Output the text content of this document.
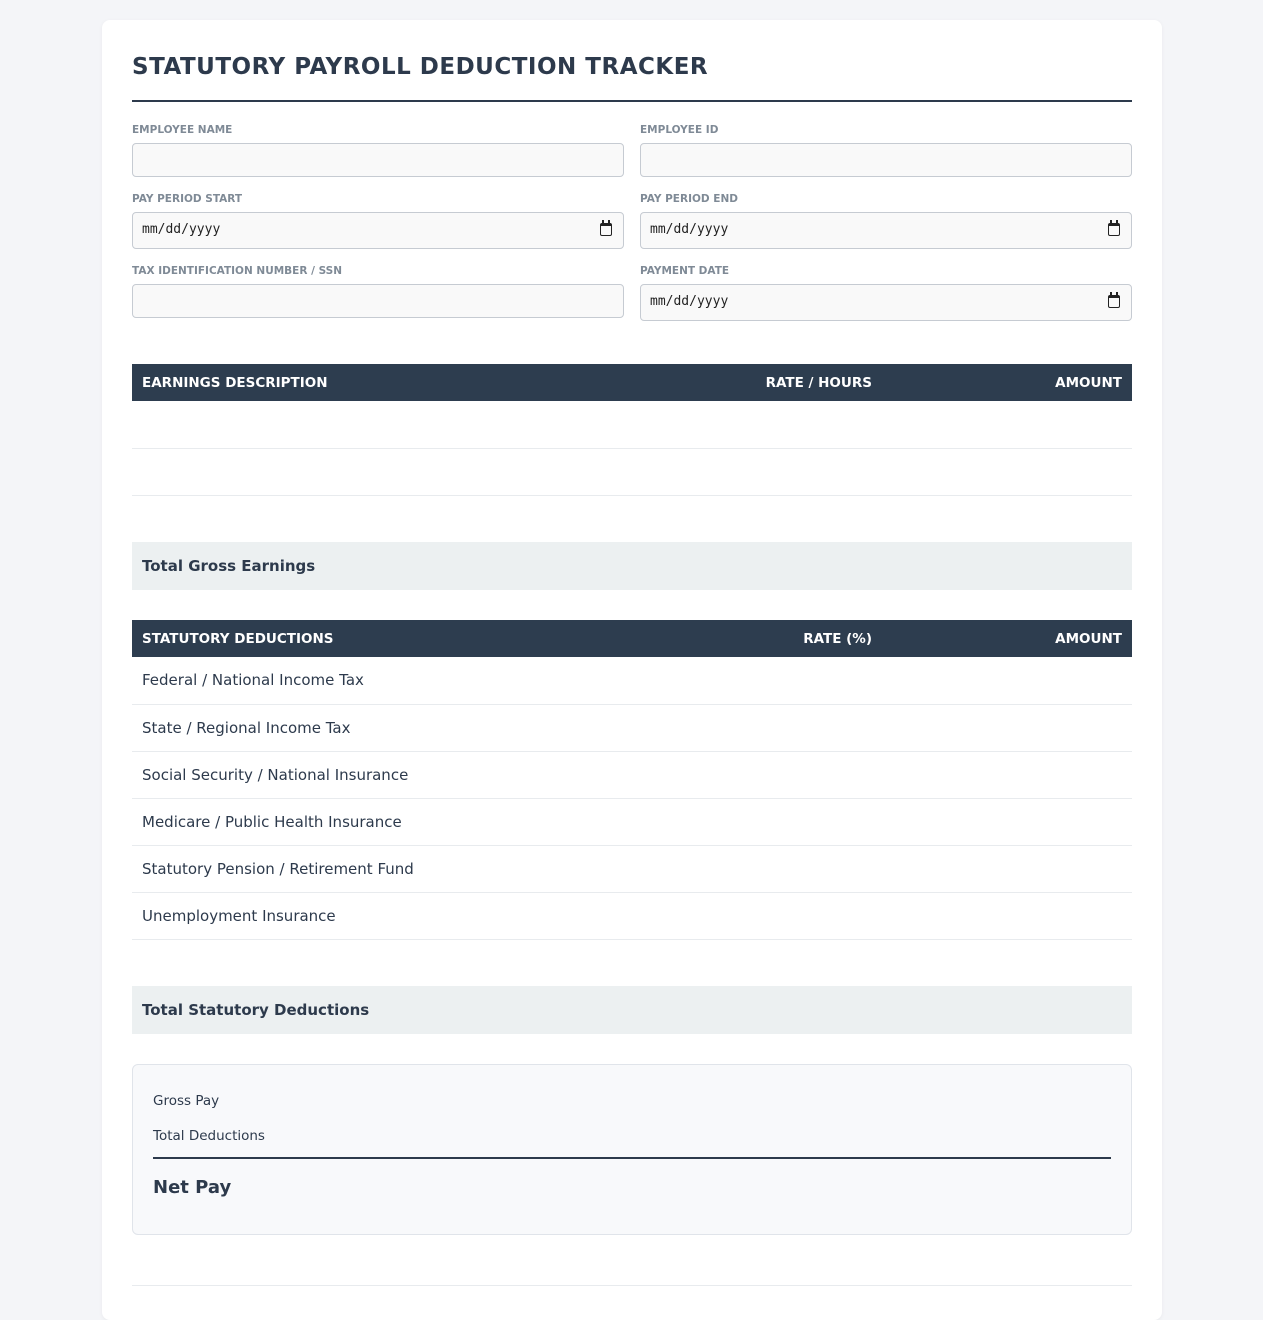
STATUTORY PAYROLL DEDUCTION TRACKER
EMPLOYEE NAME	EMPLOYEE ID
PAY PERIOD START
mm/dd/yyyy
PAY PERIOD END
mm/dd/yyyy
TAX IDENTIFICATION NUMBER / SSN	PAYMENT DATE
mm/dd/yyyy
EARNINGS DESCRIPTION	RATE / HOURS	AMOUNT

Total Gross Earnings		
STATUTORY DEDUCTIONS	RATE (%)	AMOUNT
Federal / National Income Tax		
State / Regional Income Tax		
Social Security / National Insurance		
Medicare / Public Health Insurance		
Statutory Pension / Retirement Fund		
Unemployment Insurance		

Total Statutory Deductions		
Gross Pay
Total Deductions
Net Pay
